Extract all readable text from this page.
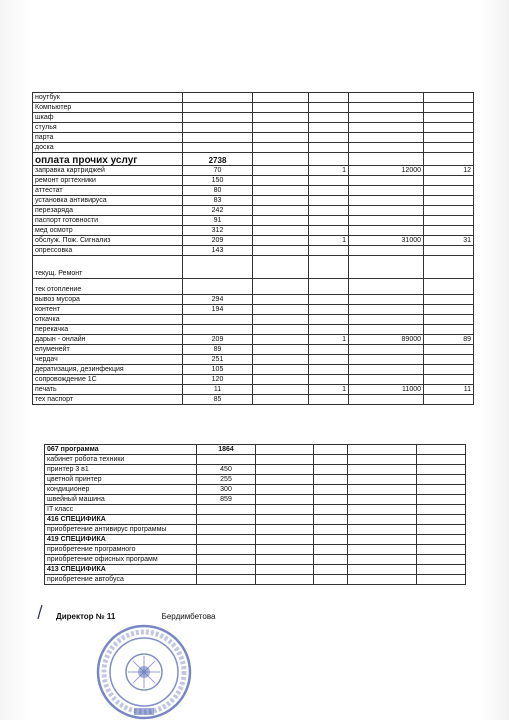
ноутбук					
Компьютер					
шкаф					
стулья					
парта					
доска					
оплата прочих услуг	2738				
заправка картриджей	70		1	12000	12
ремонт оргтехники	150				
аттестат	80				
установка антивируса	83				
перезаряда	242				
паспорт готовности	91				
мед осмотр	312				
обслуж. Пож. Сигнализ	209		1	31000	31
опрессовка	143				
текущ. Ремонт					
тек отопление					
вывоз мусора	294				
контент	194				
откачка					
перекачка					
дарын - онлайн	209		1	89000	89
елуменейт	89				
чердач	251				
дератизация, дезинфекция	105				
сопровождение 1С	120				
печать	11		1	11000	11
тех паспорт	85				
067 программа	1864				
кабинет робота техники					
принтер 3 в1	450				
цветной принтер	255				
кондиционер	300				
швейный машина	859				
IT класс					
416 СПЕЦИФИКА					
приобретение антивирус программы					
419 СПЕЦИФИКА					
приобретение програмного					
приобретение офисных программ					
413 СПЕЦИФИКА					
приобретение автобуса					
Директор № 11	Бердимбетова
